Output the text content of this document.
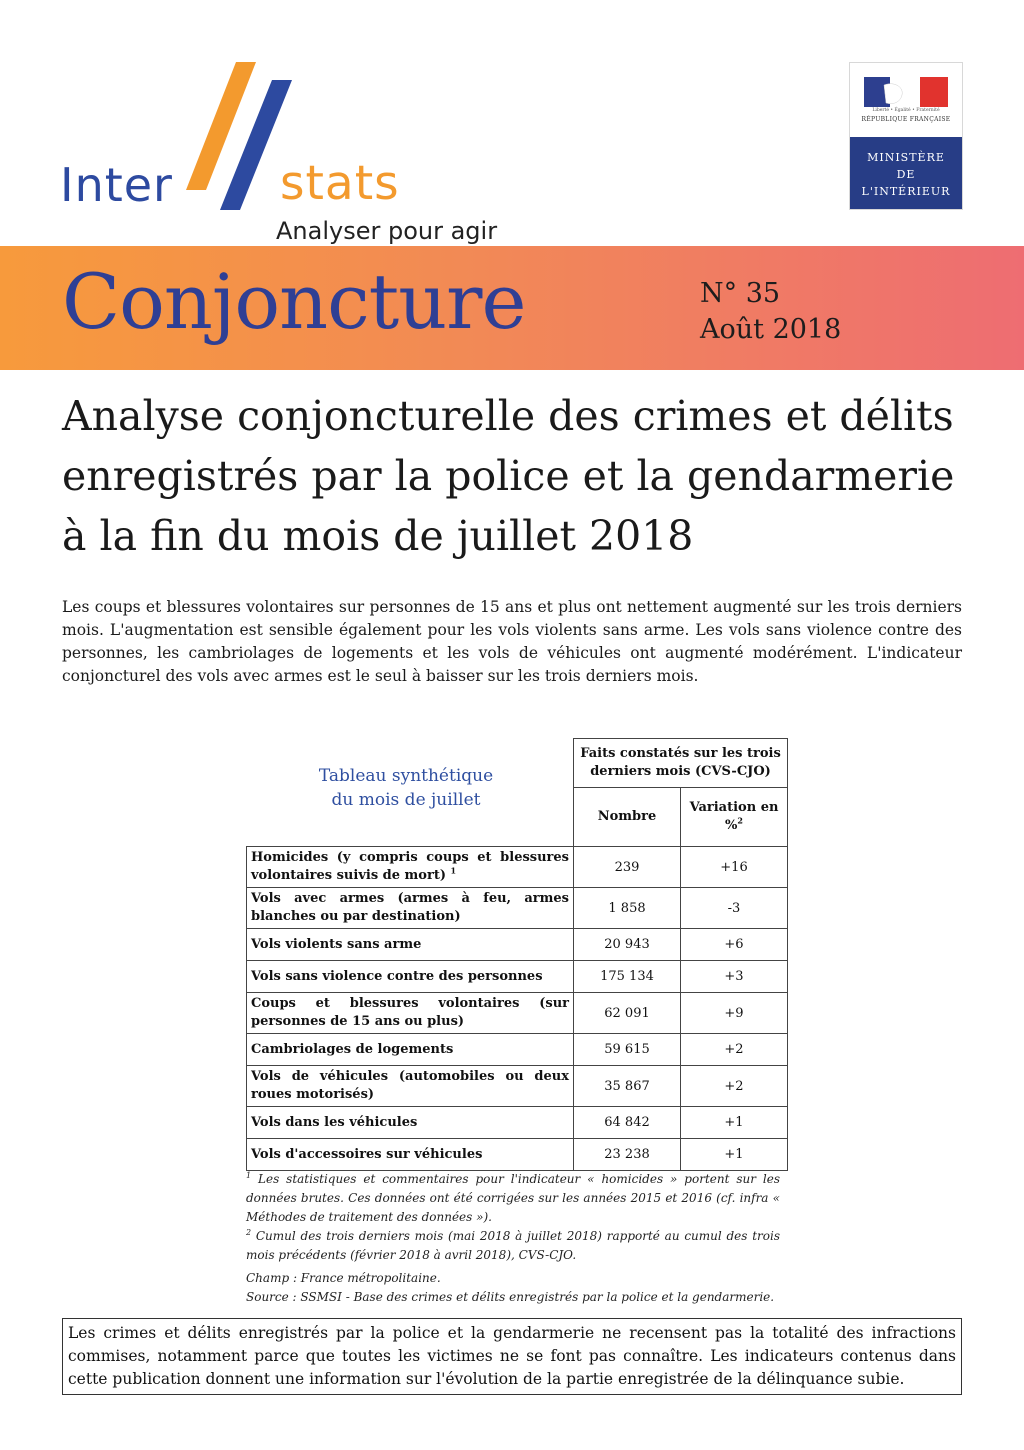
Inter stats
Analyser pour agir
Liberté • Égalité • Fraternité
RÉPUBLIQUE FRANÇAISE
MINISTÈRE
DE
L'INTÉRIEUR
Conjoncture	N° 35
Août 2018
Analyse conjoncturelle des crimes et délits
enregistrés par la police et la gendarmerie
à la fin du mois de juillet 2018

Les coups et blessures volontaires sur personnes de 15 ans et plus ont nettement augmenté sur les trois derniers mois. L'augmentation est sensible également pour les vols violents sans arme. Les vols sans violence contre des personnes, les cambriolages de logements et les vols de véhicules ont augmenté modérément. L'indicateur conjoncturel des vols avec armes est le seul à baisser sur les trois derniers mois.

Tableau synthétique
du mois de juillet
	Faits constatés sur les trois derniers mois (CVS-CJO)	
	Nombre	Variation en %$^2$
Homicides (y compris coups et blessures volontaires suivis de mort) $^1$	239	+16
Vols avec armes (armes à feu, armes blanches ou par destination)	1 858	-3
Vols violents sans arme	20 943	+6
Vols sans violence contre des personnes	175 134	+3
Coups et blessures volontaires (sur personnes de 15 ans ou plus)	62 091	+9
Cambriolages de logements	59 615	+2
Vols de véhicules (automobiles ou deux roues motorisés)	35 867	+2
Vols dans les véhicules	64 842	+1
Vols d'accessoires sur véhicules	23 238	+1

$^1$ Les statistiques et commentaires pour l'indicateur « homicides » portent sur les données brutes. Ces données ont été corrigées sur les années 2015 et 2016 (cf. infra « Méthodes de traitement des données »).

$^2$ Cumul des trois derniers mois (mai 2018 à juillet 2018) rapporté au cumul des trois mois précédents (février 2018 à avril 2018), CVS-CJO.

Champ : France métropolitaine.

Source : SSMSI - Base des crimes et délits enregistrés par la police et la gendarmerie.

Les crimes et délits enregistrés par la police et la gendarmerie ne recensent pas la totalité des infractions commises, notamment parce que toutes les victimes ne se font pas connaître. Les indicateurs contenus dans cette publication donnent une information sur l'évolution de la partie enregistrée de la délinquance subie.
